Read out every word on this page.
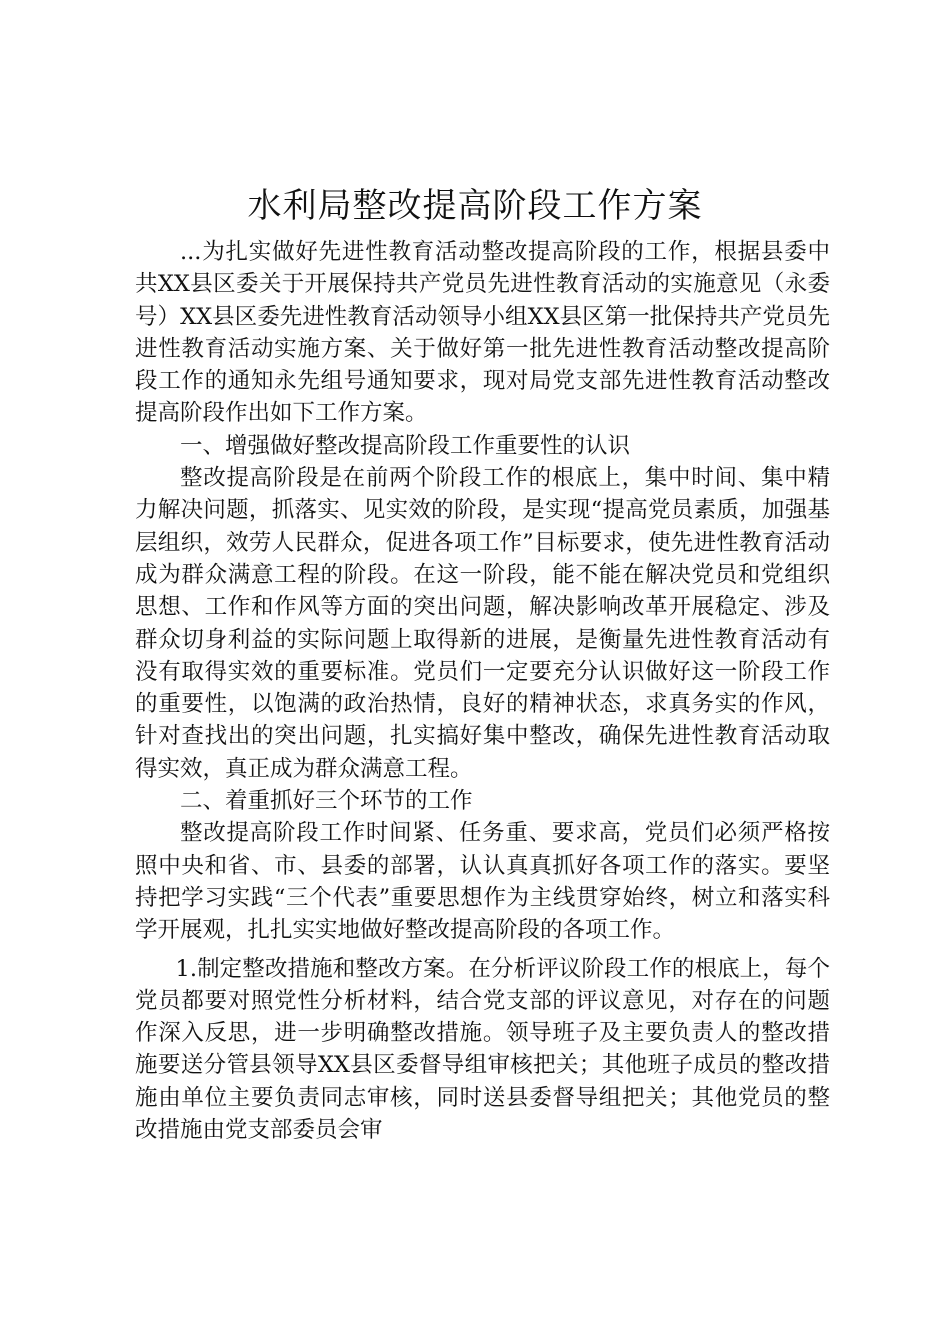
水利局整改提高阶段工作方案

...为扎实做好先进性教育活动整改提高阶段的工作，根据县委中共XX县区委关于开展保持共产党员先进性教育活动的实施意见（永委号）XX县区委先进性教育活动领导小组XX县区第一批保持共产党员先进性教育活动实施方案、关于做好第一批先进性教育活动整改提高阶段工作的通知永先组号通知要求，现对局党支部先进性教育活动整改提高阶段作出如下工作方案。

一、增强做好整改提高阶段工作重要性的认识

整改提高阶段是在前两个阶段工作的根底上，集中时间、集中精力解决问题，抓落实、见实效的阶段，是实现“提高党员素质，加强基层组织，效劳人民群众，促进各项工作”目标要求，使先进性教育活动成为群众满意工程的阶段。在这一阶段，能不能在解决党员和党组织思想、工作和作风等方面的突出问题，解决影响改革开展稳定、涉及群众切身利益的实际问题上取得新的进展，是衡量先进性教育活动有没有取得实效的重要标准。党员们一定要充分认识做好这一阶段工作的重要性，以饱满的政治热情，良好的精神状态，求真务实的作风，针对查找出的突出问题，扎实搞好集中整改，确保先进性教育活动取得实效，真正成为群众满意工程。

二、着重抓好三个环节的工作

整改提高阶段工作时间紧、任务重、要求高，党员们必须严格按照中央和省、市、县委的部署，认认真真抓好各项工作的落实。要坚持把学习实践“三个代表”重要思想作为主线贯穿始终，树立和落实科学开展观，扎扎实实地做好整改提高阶段的各项工作。

1.制定整改措施和整改方案。在分析评议阶段工作的根底上，每个党员都要对照党性分析材料，结合党支部的评议意见，对存在的问题作深入反思，进一步明确整改措施。领导班子及主要负责人的整改措施要送分管县领导XX县区委督导组审核把关；其他班子成员的整改措施由单位主要负责同志审核，同时送县委督导组把关；其他党员的整改措施由党支部委员会审
